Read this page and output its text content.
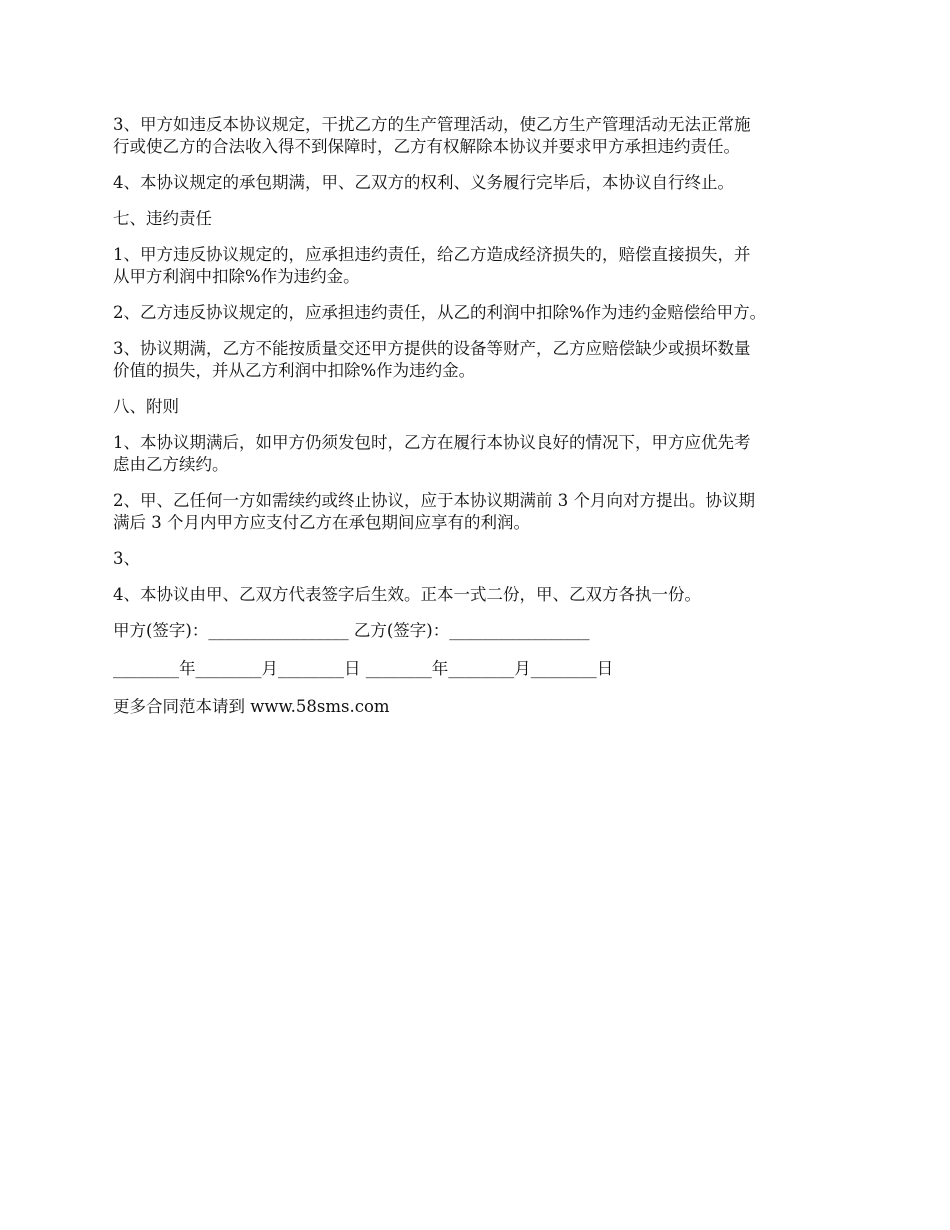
3、甲方如违反本协议规定，干扰乙方的生产管理活动，使乙方生产管理活动无法正常施
行或使乙方的合法收入得不到保障时，乙方有权解除本协议并要求甲方承担违约责任。

4、本协议规定的承包期满，甲、乙双方的权利、义务履行完毕后，本协议自行终止。

七、违约责任

1、甲方违反协议规定的，应承担违约责任，给乙方造成经济损失的，赔偿直接损失，并
从甲方利润中扣除%作为违约金。

2、乙方违反协议规定的，应承担违约责任，从乙的利润中扣除%作为违约金赔偿给甲方。

3、协议期满，乙方不能按质量交还甲方提供的设备等财产，乙方应赔偿缺少或损坏数量
价值的损失，并从乙方利润中扣除%作为违约金。

八、附则

1、本协议期满后，如甲方仍须发包时，乙方在履行本协议良好的情况下，甲方应优先考
虑由乙方续约。

2、甲、乙任何一方如需续约或终止协议，应于本协议期满前 3 个月向对方提出。协议期
满后 3 个月内甲方应支付乙方在承包期间应享有的利润。

3、

4、本协议由甲、乙双方代表签字后生效。正本一式二份，甲、乙双方各执一份。

甲方(签字)：_________________ 乙方(签字)：_________________

________年________月________日 ________年________月________日

更多合同范本请到 www.58sms.com
